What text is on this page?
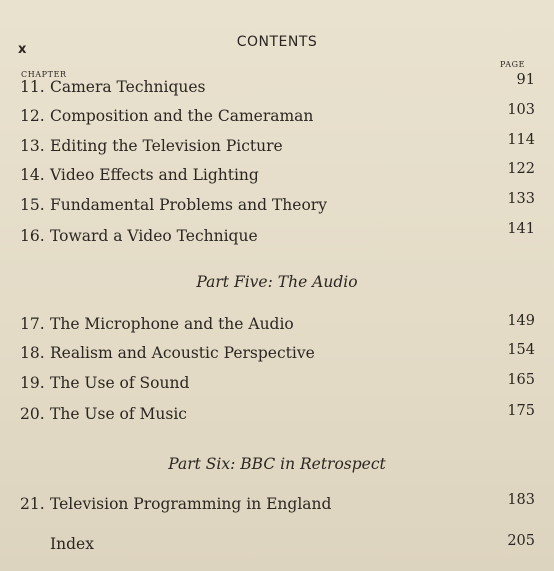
x	CONTENTS
CHAPTER
PAGE
11. Camera Techniques	91
12. Composition and the Cameraman	103
13. Editing the Television Picture	114
14. Video Effects and Lighting	122
15. Fundamental Problems and Theory	133
16. Toward a Video Technique	141
Part Five: The Audio
17. The Microphone and the Audio	149
18. Realism and Acoustic Perspective	154
19. The Use of Sound	165
20. The Use of Music	175
Part Six: BBC in Retrospect
21. Television Programming in England	183
Index	205
